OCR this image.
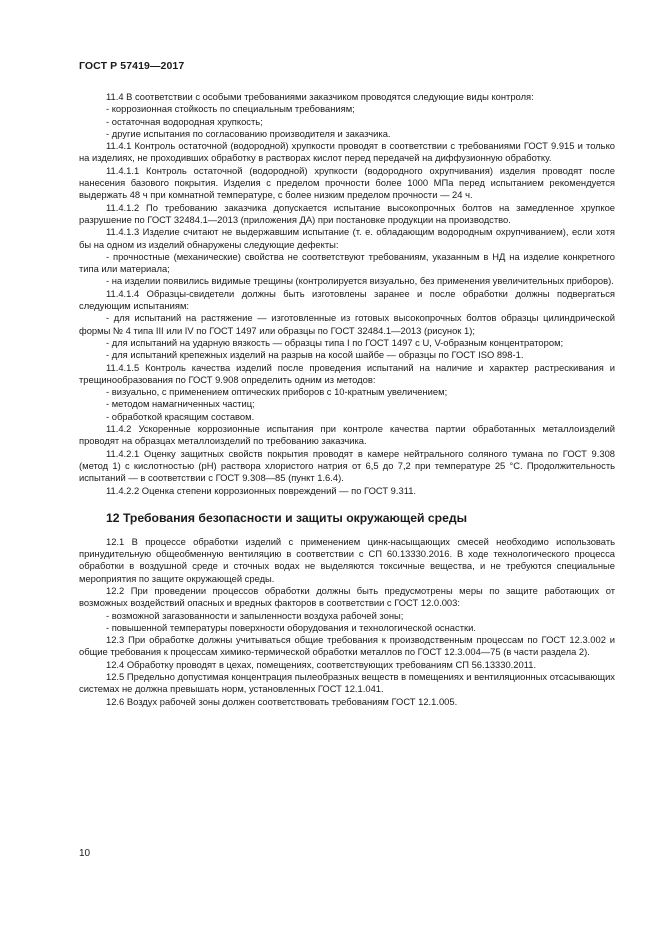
ГОСТ Р 57419—2017

11.4 В соответствии с особыми требованиями заказчиком проводятся следующие виды контроля:

- коррозионная стойкость по специальным требованиям;

- остаточная водородная хрупкость;

- другие испытания по согласованию производителя и заказчика.

11.4.1 Контроль остаточной (водородной) хрупкости проводят в соответствии с требованиями ГОСТ 9.915 и только на изделиях, не проходивших обработку в растворах кислот перед передачей на диффузионную обработку.

11.4.1.1 Контроль остаточной (водородной) хрупкости (водородного охрупчивания) изделия проводят после нанесения базового покрытия. Изделия с пределом прочности более 1000 МПа перед испытанием рекомендуется выдержать 48 ч при комнатной температуре, с более низким пределом прочности — 24 ч.

11.4.1.2 По требованию заказчика допускается испытание высокопрочных болтов на замедленное хрупкое разрушение по ГОСТ 32484.1—2013 (приложения ДА) при постановке продукции на производство.

11.4.1.3 Изделие считают не выдержавшим испытание (т. е. обладающим водородным охрупчиванием), если хотя бы на одном из изделий обнаружены следующие дефекты:

- прочностные (механические) свойства не соответствуют требованиям, указанным в НД на изделие конкретного типа или материала;

- на изделии появились видимые трещины (контролируется визуально, без применения увеличительных приборов).

11.4.1.4 Образцы-свидетели должны быть изготовлены заранее и после обработки должны подвергаться следующим испытаниям:

- для испытаний на растяжение — изготовленные из готовых высокопрочных болтов образцы цилиндрической формы № 4 типа III или IV по ГОСТ 1497 или образцы по ГОСТ 32484.1—2013 (рисунок 1);

- для испытаний на ударную вязкость — образцы типа I по ГОСТ 1497 с U, V-образным концентратором;

- для испытаний крепежных изделий на разрыв на косой шайбе — образцы по ГОСТ ISO 898-1.

11.4.1.5 Контроль качества изделий после проведения испытаний на наличие и характер растрескивания и трещинообразования по ГОСТ 9.908 определить одним из методов:

- визуально, с применением оптических приборов с 10-кратным увеличением;

- методом намагниченных частиц;

- обработкой красящим составом.

11.4.2 Ускоренные коррозионные испытания при контроле качества партии обработанных металлоизделий проводят на образцах металлоизделий по требованию заказчика.

11.4.2.1 Оценку защитных свойств покрытия проводят в камере нейтрального соляного тумана по ГОСТ 9.308 (метод 1) с кислотностью (pH) раствора хлористого натрия от 6,5 до 7,2 при температуре 25 °С. Продолжительность испытаний — в соответствии с ГОСТ 9.308—85 (пункт 1.6.4).

11.4.2.2 Оценка степени коррозионных повреждений — по ГОСТ 9.311.

12 Требования безопасности и защиты окружающей среды

12.1 В процессе обработки изделий с применением цинк-насыщающих смесей необходимо использовать принудительную общеобменную вентиляцию в соответствии с СП 60.13330.2016. В ходе технологического процесса обработки в воздушной среде и сточных водах не выделяются токсичные вещества, и не требуются специальные мероприятия по защите окружающей среды.

12.2 При проведении процессов обработки должны быть предусмотрены меры по защите работающих от возможных воздействий опасных и вредных факторов в соответствии с ГОСТ 12.0.003:

- возможной загазованности и запыленности воздуха рабочей зоны;

- повышенной температуры поверхности оборудования и технологической оснастки.

12.3 При обработке должны учитываться общие требования к производственным процессам по ГОСТ 12.3.002 и общие требования к процессам химико-термической обработки металлов по ГОСТ 12.3.004—75 (в части раздела 2).

12.4 Обработку проводят в цехах, помещениях, соответствующих требованиям СП 56.13330.2011.

12.5 Предельно допустимая концентрация пылеобразных веществ в помещениях и вентиляционных отсасывающих системах не должна превышать норм, установленных ГОСТ 12.1.041.

12.6 Воздух рабочей зоны должен соответствовать требованиям ГОСТ 12.1.005.

10
